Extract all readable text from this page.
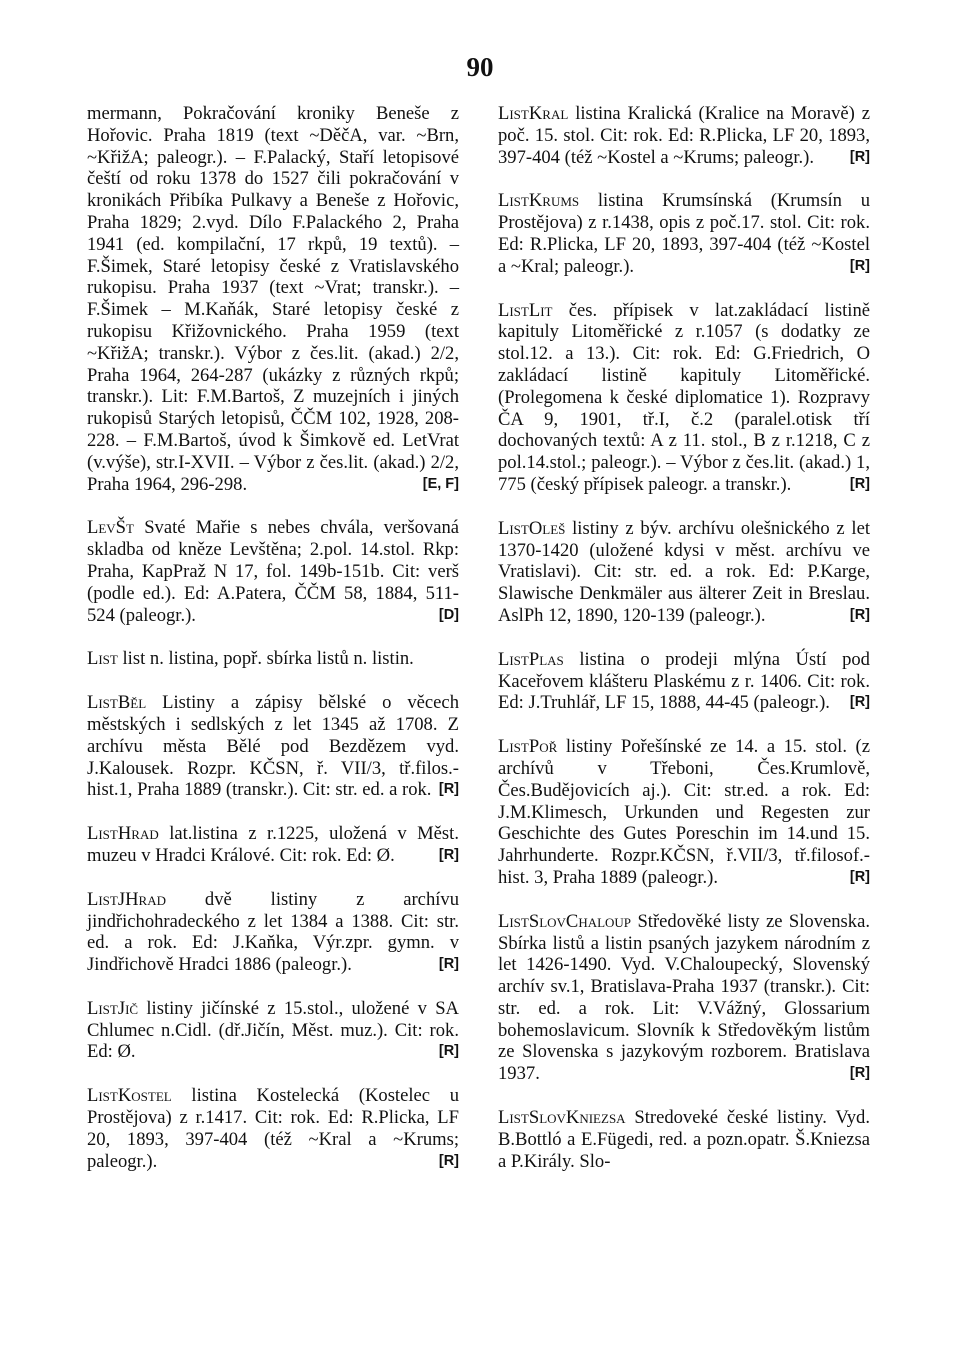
90

mermann, Pokračování kroniky Beneše z Hořovic. Praha 1819 (text ~DěčA, var. ~Brn, ~KřižA; paleogr.). – F.Palacký, Staří letopisové čeští od roku 1378 do 1527 čili pokračování v kronikách Přibíka Pulkavy a Beneše z Hořovic, Praha 1829; 2.vyd. Dílo F.Palackého 2, Praha 1941 (ed. kompilační, 17 rkpů, 19 textů). – F.Šimek, Staré letopisy české z Vratislavského rukopisu. Praha 1937 (text ~Vrat; transkr.). – F.Šimek – M.Kaňák, Staré letopisy české z rukopisu Křižovnického. Praha 1959 (text ~KřižA; transkr.). Výbor z čes.lit. (akad.) 2/2, Praha 1964, 264-287 (ukázky z různých rkpů; transkr.). Lit: F.M.Bartoš, Z muzejních i jiných rukopisů Starých letopisů, ČČM 102, 1928, 208-228. – F.M.Bartoš, úvod k Šimkově ed. LetVrat (v.výše), str.I-XVII. – Výbor z čes.lit. (akad.) 2/2, Praha 1964, 296-298.	[E, F]

LevŠt Svaté Mařie s nebes chvála, veršovaná skladba od kněze Levštěna; 2.pol. 14.stol. Rkp: Praha, KapPraž N 17, fol. 149b-151b. Cit: verš (podle ed.). Ed: A.Patera, ČČM 58, 1884, 511-524 (paleogr.).	[D]

List list n. listina, popř. sbírka listů n. listin.

ListBěl Listiny a zápisy bělské o věcech městských i sedlských z let 1345 až 1708. Z archívu města Bělé pod Bezdězem vyd. J.Kalousek. Rozpr. KČSN, ř. VII/3, tř.filos.-hist.1, Praha 1889 (transkr.). Cit: str. ed. a rok. [R]

ListHrad lat.listina z r.1225, uložená v Měst. muzeu v Hradci Králové. Cit: rok. Ed: Ø.	[R]

ListJHrad dvě listiny z archívu jindřichohradeckého z let 1384 a 1388. Cit: str. ed. a rok. Ed: J.Kaňka, Výr.zpr. gymn. v Jindřichově Hradci 1886 (paleogr.).	[R]

ListJič listiny jičínské z 15.stol., uložené v SA Chlumec n.Cidl. (dř.Jičín, Měst. muz.). Cit: rok. Ed: Ø.	[R]

ListKostel listina Kostelecká (Kostelec u Prostějova) z r.1417. Cit: rok. Ed: R.Plicka, LF 20, 1893, 397-404 (též ~Kral a ~Krums; paleogr.).	[R]

ListKral listina Kralická (Kralice na Moravě) z poč. 15. stol. Cit: rok. Ed: R.Plicka, LF 20, 1893, 397-404 (též ~Kostel a ~Krums; paleogr.). [R]

ListKrums listina Krumsínská (Krumsín u Prostějova) z r.1438, opis z poč.17. stol. Cit: rok. Ed: R.Plicka, LF 20, 1893, 397-404 (též ~Kostel a ~Kral; paleogr.).	[R]

ListLit čes. přípisek v lat.zakládací listině kapituly Litoměřické z r.1057 (s dodatky ze stol.12. a 13.). Cit: rok. Ed: G.Friedrich, O zakládací listině kapituly Litoměřické. (Prolegomena k české diplomatice 1). Rozpravy ČA 9, 1901, tř.I, č.2 (paralel.otisk tří dochovaných textů: A z 11. stol., B z r.1218, C z pol.14.stol.; paleogr.). – Výbor z čes.lit. (akad.) 1, 775 (český přípisek paleogr. a transkr.).	[R]

ListOleš listiny z býv. archívu olešnického z let 1370-1420 (uložené kdysi v měst. archívu ve Vratislavi). Cit: str. ed. a rok. Ed: P.Karge, Slawische Denkmäler aus älterer Zeit in Breslau. AslPh 12, 1890, 120-139 (paleogr.).	[R]

ListPlas listina o prodeji mlýna Ústí pod Kaceřovem klášteru Plaskému z r. 1406. Cit: rok. Ed: J.Truhlář, LF 15, 1888, 44-45 (paleogr.). [R]

ListPoř listiny Pořešínské ze 14. a 15. stol. (z archívů v Třeboni, Čes.Krumlově, Čes.Budějovicích aj.). Cit: str.ed. a rok. Ed: J.M.Klimesch, Urkunden und Regesten zur Geschichte des Gutes Poreschin im 14.und 15. Jahrhunderte. Rozpr.KČSN, ř.VII/3, tř.filosof.-hist. 3, Praha 1889 (paleogr.).	[R]

ListSlovChaloup Středověké listy ze Slovenska. Sbírka listů a listin psaných jazykem národním z let 1426-1490. Vyd. V.Chaloupecký, Slovenský archív sv.1, Bratislava-Praha 1937 (transkr.). Cit: str. ed. a rok. Lit: V.Vážný, Glossarium bohemoslavicum. Slovník k Středověkým listům ze Slovenska s jazykovým rozborem. Bratislava 1937.	[R]

ListSlovKniezsa Stredoveké české listiny. Vyd. B.Bottló a E.Fügedi, red. a pozn.opatr. Š.Kniezsa a P.Király. Slo-
